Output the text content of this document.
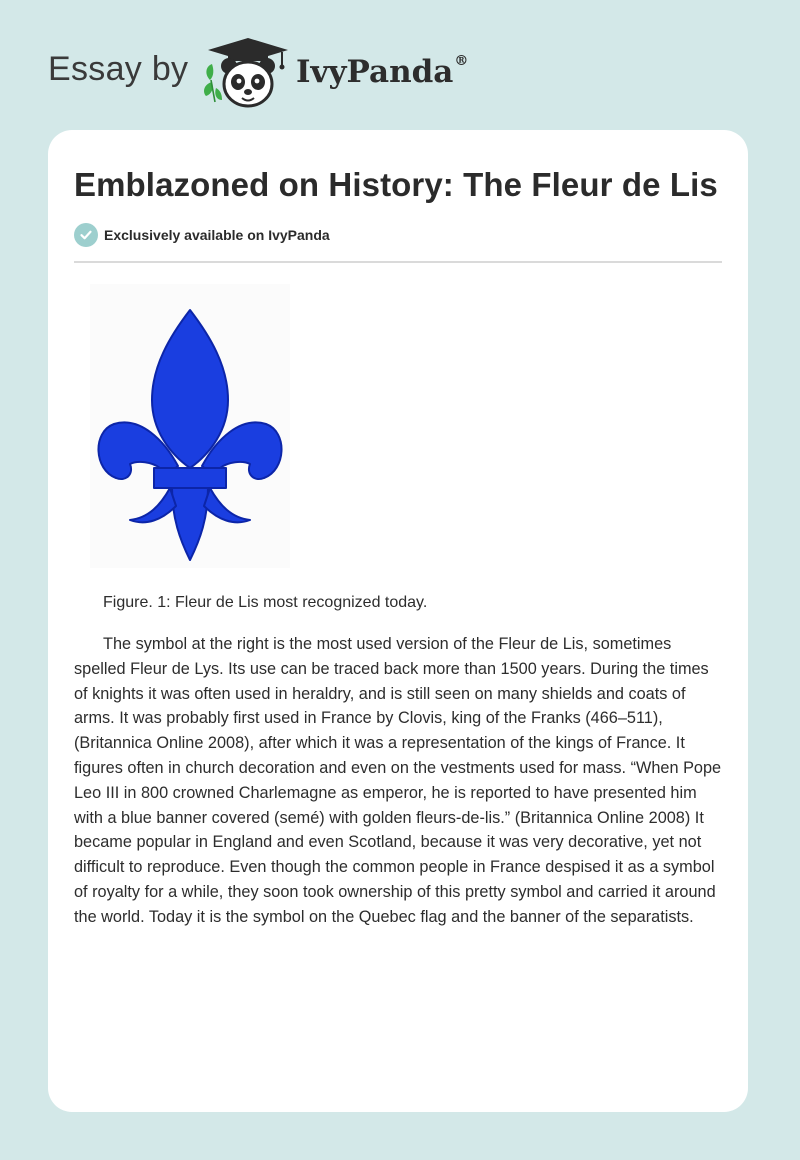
Essay by	IvyPanda®
Emblazoned on History: The Fleur de Lis
Exclusively available on IvyPanda
Figure. 1: Fleur de Lis most recognized today.

The symbol at the right is the most used version of the Fleur de Lis, sometimes spelled Fleur de Lys. Its use can be traced back more than 1500 years. During the times of knights it was often used in heraldry, and is still seen on many shields and coats of arms. It was probably first used in France by Clovis, king of the Franks (466–511), (Britannica Online 2008), after which it was a representation of the kings of France. It figures often in church decoration and even on the vestments used for mass. “When Pope Leo III in 800 crowned Charlemagne as emperor, he is reported to have presented him with a blue banner covered (semé) with golden fleurs-de-lis.” (Britannica Online 2008) It became popular in England and even Scotland, because it was very decorative, yet not difficult to reproduce. Even though the common people in France despised it as a symbol of royalty for a while, they soon took ownership of this pretty symbol and carried it around the world. Today it is the symbol on the Quebec flag and the banner of the separatists.
